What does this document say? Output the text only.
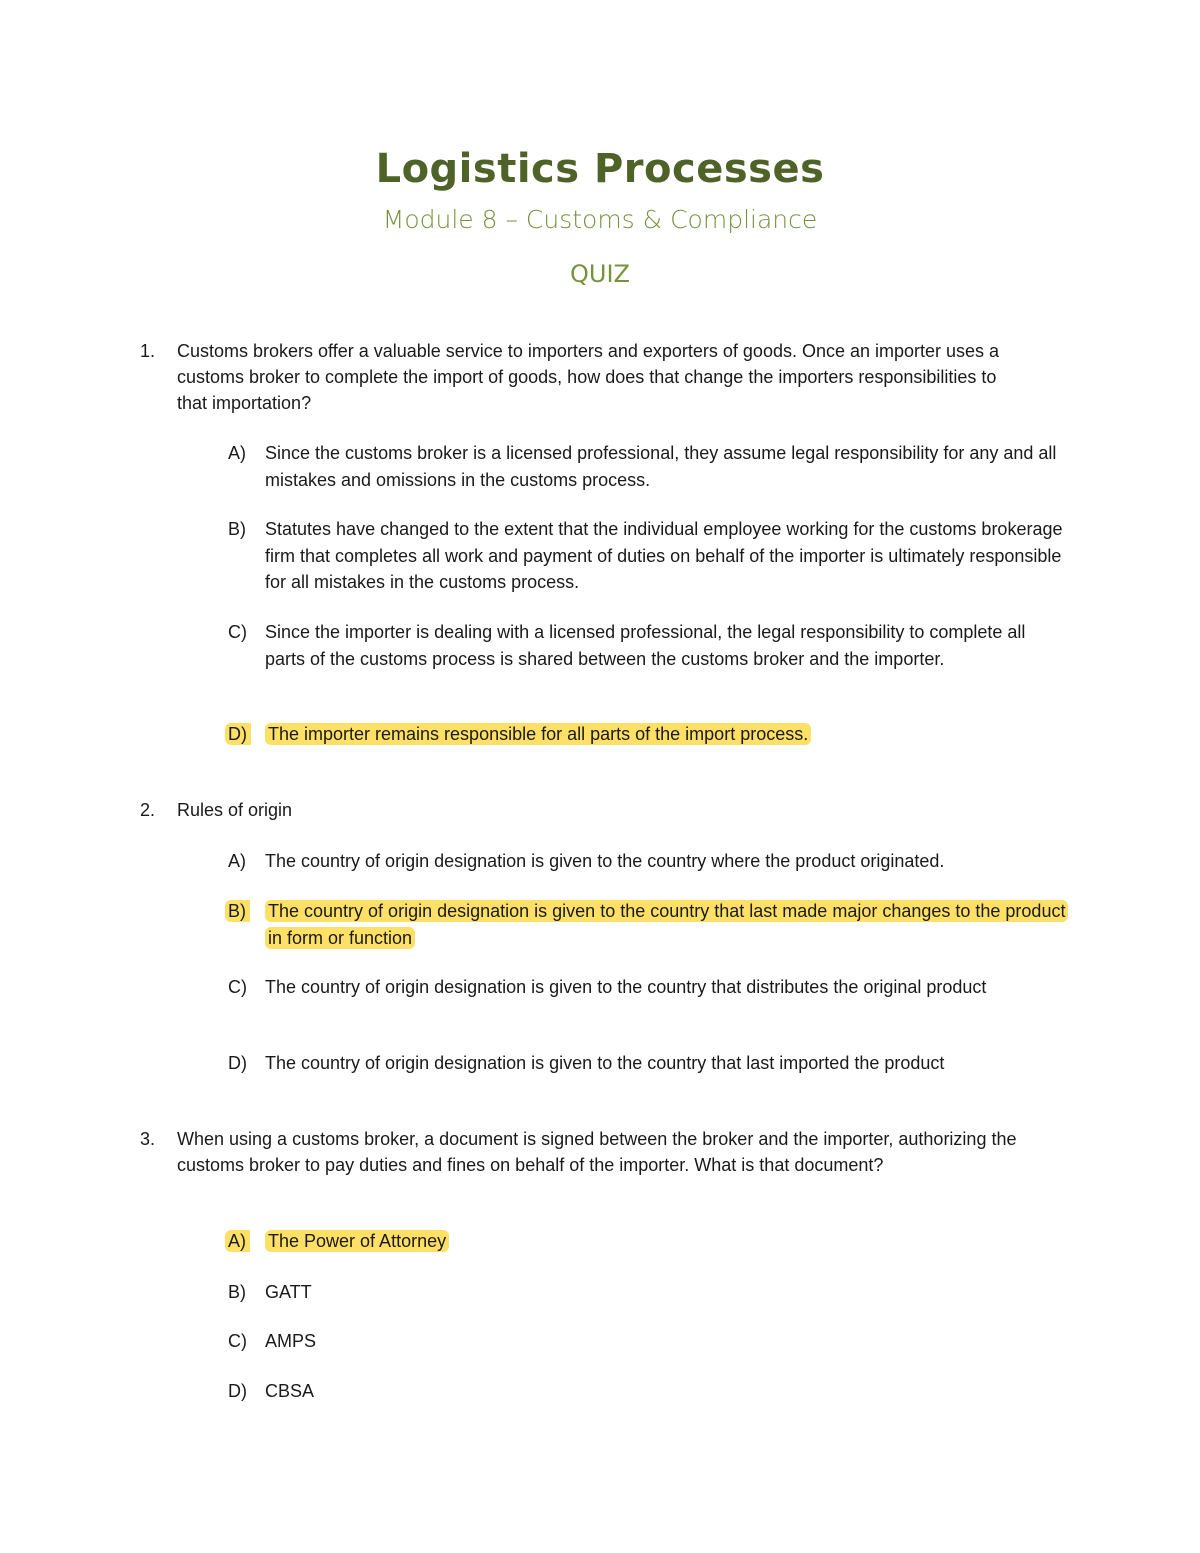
Logistics Processes
Module 8 – Customs & Compliance
QUIZ
1.	Customs brokers offer a valuable service to importers and exporters of goods. Once an importer uses a customs broker to complete the import of goods, how does that change the importers responsibilities to that importation?
A)	Since the customs broker is a licensed professional, they assume legal responsibility for any and all mistakes and omissions in the customs process.
B)	Statutes have changed to the extent that the individual employee working for the customs brokerage firm that completes all work and payment of duties on behalf of the importer is ultimately responsible for all mistakes in the customs process.
C)	Since the importer is dealing with a licensed professional, the legal responsibility to complete all parts of the customs process is shared between the customs broker and the importer.
D)	The importer remains responsible for all parts of the import process.
2.	Rules of origin
A)	The country of origin designation is given to the country where the product originated.
B)	The country of origin designation is given to the country that last made major changes to the product in form or function
C)	The country of origin designation is given to the country that distributes the original product
D)	The country of origin designation is given to the country that last imported the product
3.	When using a customs broker, a document is signed between the broker and the importer, authorizing the customs broker to pay duties and fines on behalf of the importer. What is that document?
A)	The Power of Attorney
B)	GATT
C)	AMPS
D)	CBSA
